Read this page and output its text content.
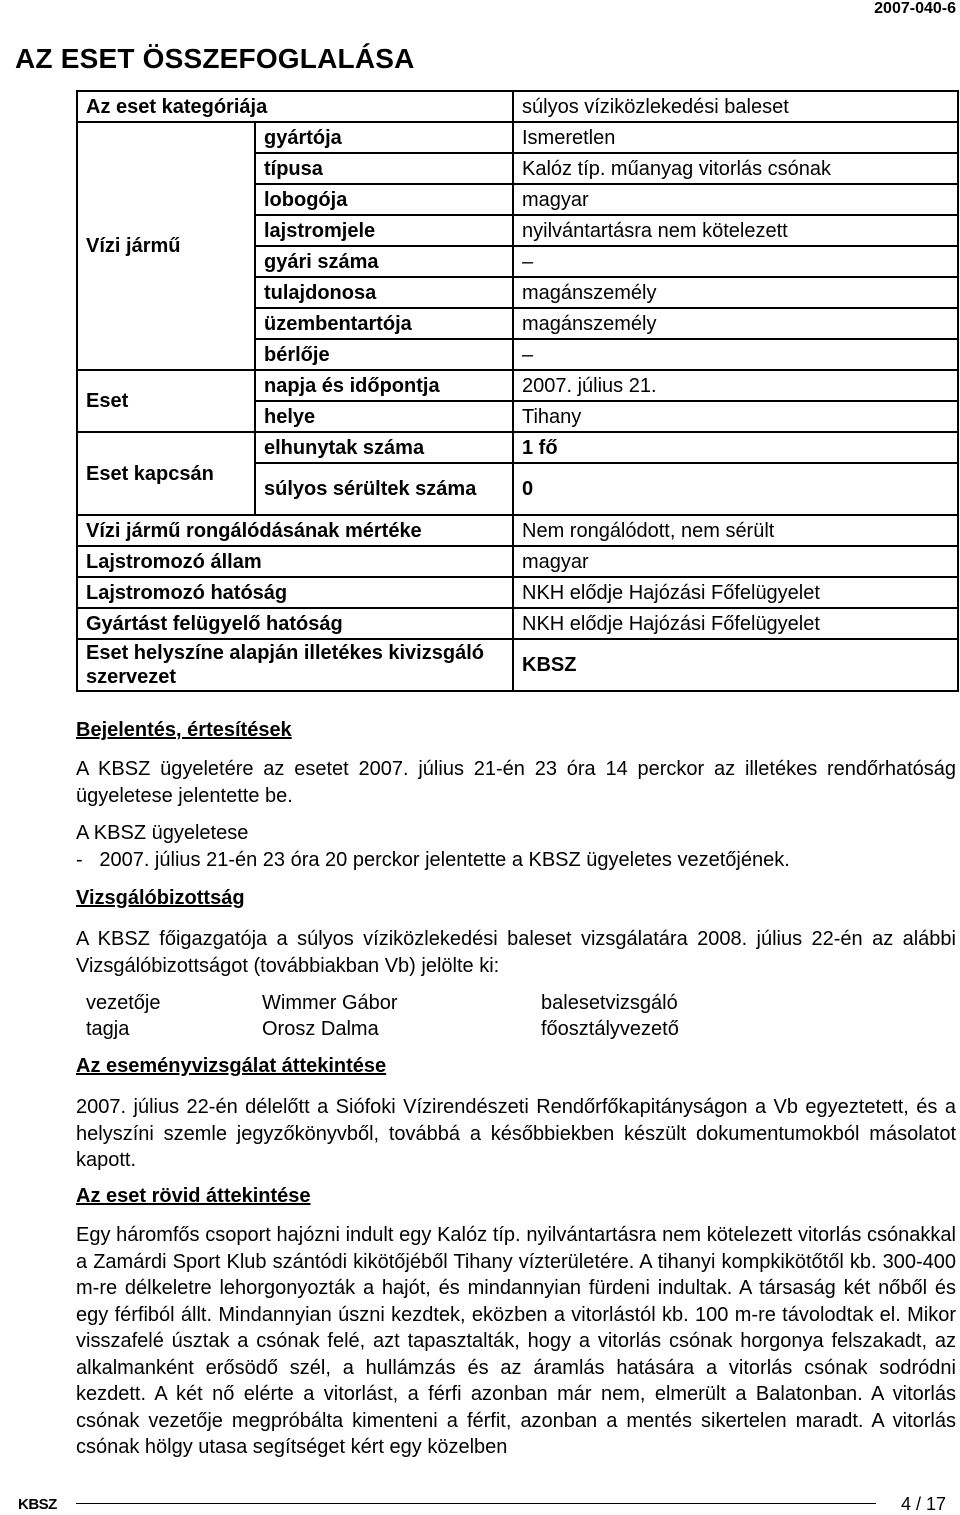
2007-040-6
AZ ESET ÖSSZEFOGLALÁSA
Az eset kategóriája		súlyos víziközlekedési baleset
Vízi jármű	gyártója	Ismeretlen
	típusa	Kalóz típ. műanyag vitorlás csónak
	lobogója	magyar
	lajstromjele	nyilvántartásra nem kötelezett
	gyári száma	–
	tulajdonosa	magánszemély
	üzembentartója	magánszemély
	bérlője	–
Eset	napja és időpontja	2007. július 21.
	helye	Tihany
Eset kapcsán	elhunytak száma	1 fő
	súlyos sérültek száma	0
Vízi jármű rongálódásának mértéke		Nem rongálódott, nem sérült
Lajstromozó állam		magyar
Lajstromozó hatóság		NKH elődje Hajózási Főfelügyelet
Gyártást felügyelő hatóság		NKH elődje Hajózási Főfelügyelet
Eset helyszíne alapján illetékes kivizsgáló szervezet		KBSZ
Bejelentés, értesítések
A KBSZ ügyeletére az esetet 2007. július 21-én 23 óra 14 perckor az illetékes rendőrhatóság ügyeletese jelentette be.
A KBSZ ügyeletese
-   2007. július 21-én 23 óra 20 perckor jelentette a KBSZ ügyeletes vezetőjének.
Vizsgálóbizottság
A KBSZ főigazgatója a súlyos víziközlekedési baleset vizsgálatára 2008. július 22-én az alábbi Vizsgálóbizottságot (továbbiakban Vb) jelölte ki:
vezetője	Wimmer Gábor	balesetvizsgáló
tagja	Orosz Dalma	főosztályvezető
Az eseményvizsgálat áttekintése
2007. július 22-én délelőtt a Siófoki Vízirendészeti Rendőrfőkapitányságon a Vb egyeztetett, és a helyszíni szemle jegyzőkönyvből, továbbá a későbbiekben készült dokumentumokból másolatot kapott.
Az eset rövid áttekintése
Egy háromfős csoport hajózni indult egy Kalóz típ. nyilvántartásra nem kötelezett vitorlás csónakkal a Zamárdi Sport Klub szántódi kikötőjéből Tihany vízterületére. A tihanyi kompkikötőtől kb. 300-400 m-re délkeletre lehorgonyozták a hajót, és mindannyian fürdeni indultak. A társaság két nőből és egy férfiból állt. Mindannyian úszni kezdtek, eközben a vitorlástól kb. 100 m-re távolodtak el. Mikor visszafelé úsztak a csónak felé, azt tapasztalták, hogy a vitorlás csónak horgonya felszakadt, az alkalmanként erősödő szél, a hullámzás és az áramlás hatására a vitorlás csónak sodródni kezdett. A két nő elérte a vitorlást, a férfi azonban már nem, elmerült a Balatonban. A vitorlás csónak vezetője megpróbálta kimenteni a férfit, azonban a mentés sikertelen maradt. A vitorlás csónak hölgy utasa segítséget kért egy közelben
KBSZ	4 / 17
